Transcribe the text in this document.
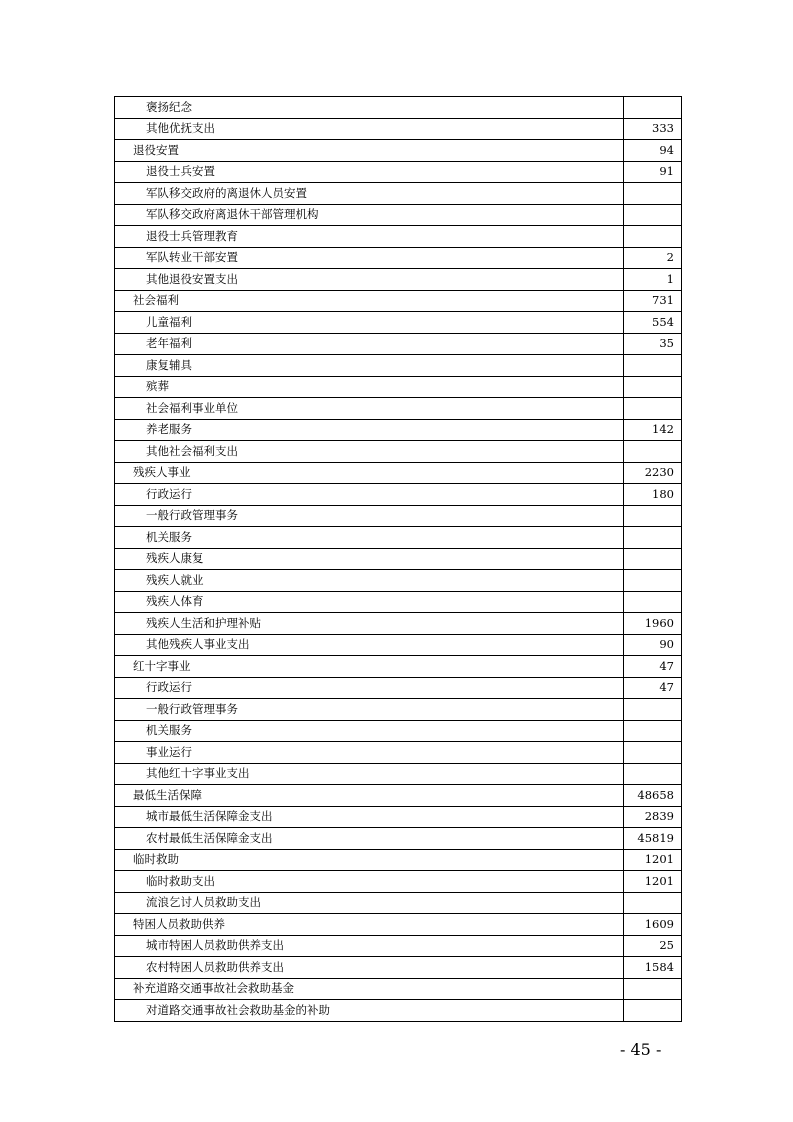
褒扬纪念	
其他优抚支出	333
退役安置	94
退役士兵安置	91
军队移交政府的离退休人员安置	
军队移交政府离退休干部管理机构	
退役士兵管理教育	
军队转业干部安置	2
其他退役安置支出	1
社会福利	731
儿童福利	554
老年福利	35
康复辅具	
殡葬	
社会福利事业单位	
养老服务	142
其他社会福利支出	
残疾人事业	2230
行政运行	180
一般行政管理事务	
机关服务	
残疾人康复	
残疾人就业	
残疾人体育	
残疾人生活和护理补贴	1960
其他残疾人事业支出	90
红十字事业	47
行政运行	47
一般行政管理事务	
机关服务	
事业运行	
其他红十字事业支出	
最低生活保障	48658
城市最低生活保障金支出	2839
农村最低生活保障金支出	45819
临时救助	1201
临时救助支出	1201
流浪乞讨人员救助支出	
特困人员救助供养	1609
城市特困人员救助供养支出	25
农村特困人员救助供养支出	1584
补充道路交通事故社会救助基金	
对道路交通事故社会救助基金的补助	
- 45 -
